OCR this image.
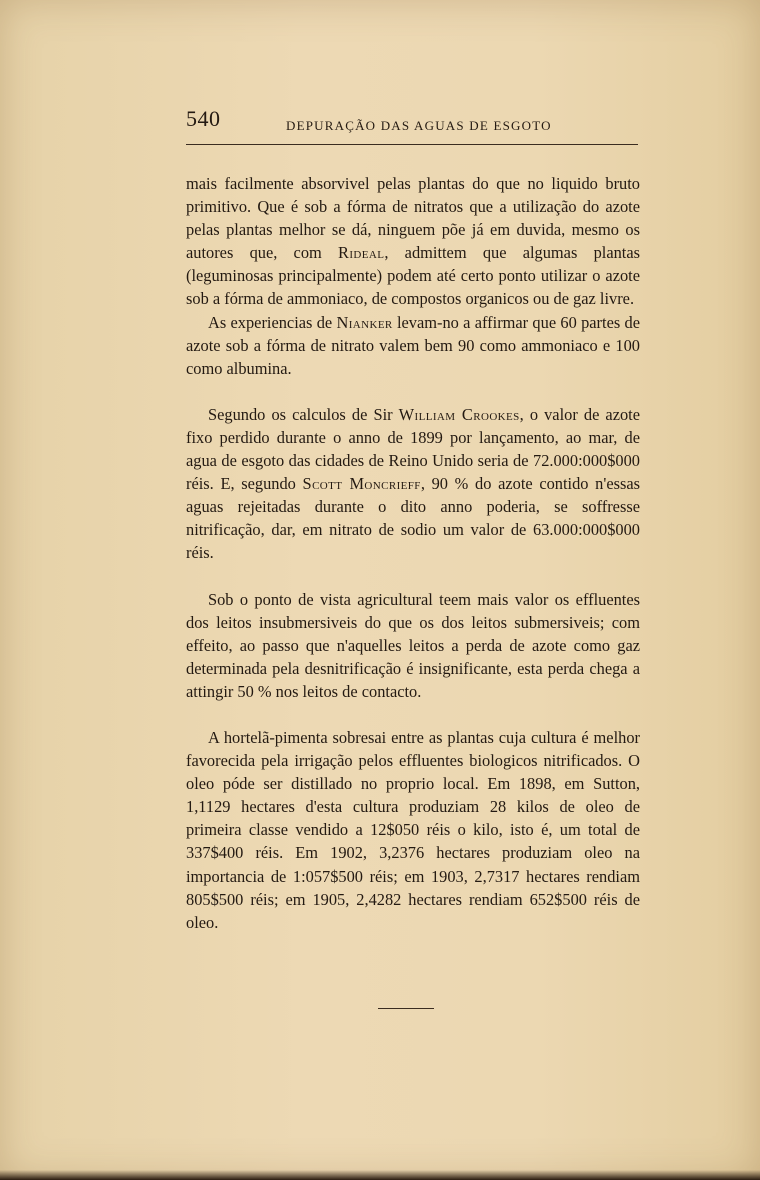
540	DEPURAÇÃO DAS AGUAS DE ESGOTO

mais facilmente absorvivel pelas plantas do que no liquido bruto primitivo. Que é sob a fórma de nitratos que a utilização do azote pelas plantas melhor se dá, ninguem põe já em duvida, mesmo os autores que, com Rideal, admittem que algumas plantas (leguminosas principalmente) podem até certo ponto utilizar o azote sob a fórma de ammoniaco, de compostos organicos ou de gaz livre.

As experiencias de Nianker levam-no a affirmar que 60 partes de azote sob a fórma de nitrato valem bem 90 como ammoniaco e 100 como albumina.

Segundo os calculos de Sir William Crookes, o valor de azote fixo perdido durante o anno de 1899 por lançamento, ao mar, de agua de esgoto das cidades de Reino Unido seria de 72.000:000$000 réis. E, segundo Scott Moncrieff, 90 % do azote contido n'essas aguas rejeitadas durante o dito anno poderia, se soffresse nitrificação, dar, em nitrato de sodio um valor de 63.000:000$000 réis.

Sob o ponto de vista agricultural teem mais valor os effluentes dos leitos insubmersiveis do que os dos leitos submersiveis; com effeito, ao passo que n'aquelles leitos a perda de azote como gaz determinada pela desnitrificação é insignificante, esta perda chega a attingir 50 % nos leitos de contacto.

A hortelã-pimenta sobresai entre as plantas cuja cultura é melhor favorecida pela irrigação pelos effluentes biologicos nitrificados. O oleo póde ser distillado no proprio local. Em 1898, em Sutton, 1,1129 hectares d'esta cultura produziam 28 kilos de oleo de primeira classe vendido a 12$050 réis o kilo, isto é, um total de 337$400 réis. Em 1902, 3,2376 hectares produziam oleo na importancia de 1:057$500 réis; em 1903, 2,7317 hectares rendiam 805$500 réis; em 1905, 2,4282 hectares rendiam 652$500 réis de oleo.
